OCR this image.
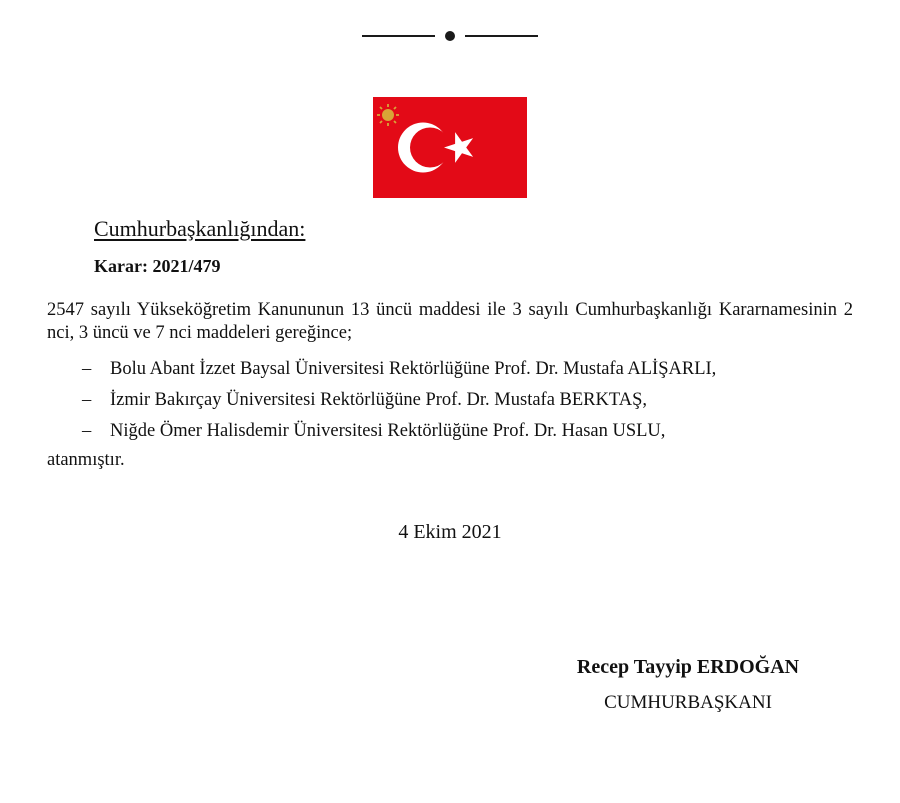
Cumhurbaşkanlığından:
Karar: 2021/479
2547 sayılı Yükseköğretim Kanununun 13 üncü maddesi ile 3 sayılı Cumhurbaşkanlığı Kararnamesinin 2 nci, 3 üncü ve 7 nci maddeleri gereğince;
– Bolu Abant İzzet Baysal Üniversitesi Rektörlüğüne Prof. Dr. Mustafa ALİŞARLI,
– İzmir Bakırçay Üniversitesi Rektörlüğüne Prof. Dr. Mustafa BERKTAŞ,
– Niğde Ömer Halisdemir Üniversitesi Rektörlüğüne Prof. Dr. Hasan USLU,
atanmıştır.
4 Ekim 2021
Recep Tayyip ERDOĞAN
CUMHURBAŞKANI
